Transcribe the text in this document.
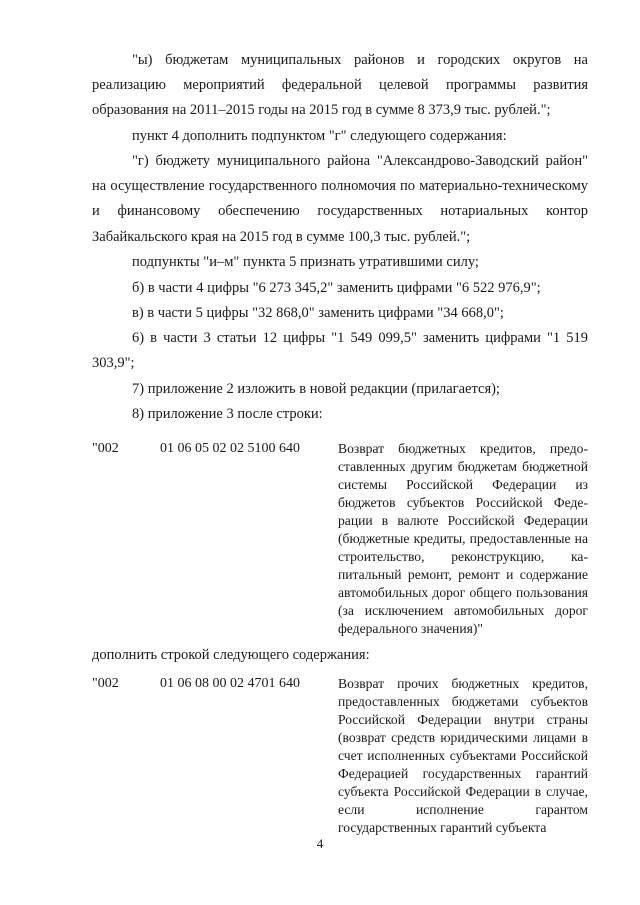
"ы) бюджетам муниципальных районов и городских округов на реализацию мероприятий федеральной целевой программы развития образования на 2011–2015 годы на 2015 год в сумме 8 373,9 тыс. рублей.";

пункт 4 дополнить подпунктом "г" следующего содержания:

"г) бюджету муниципального района "Александрово-Заводский район" на осуществление государственного полномочия по материально-техническому и финансовому обеспечению государственных нотариальных контор Забайкальского края на 2015 год в сумме 100,3 тыс. рублей.";

подпункты "и–м" пункта 5 признать утратившими силу;

б) в части 4 цифры "6 273 345,2" заменить цифрами "6 522 976,9";

в) в части 5 цифры "32 868,0" заменить цифрами "34 668,0";

6) в части 3 статьи 12 цифры "1 549 099,5" заменить цифрами "1 519 303,9";

7) приложение 2 изложить в новой редакции (прилагается);

8) приложение 3 после строки:

"002	01 06 05 02 02 5100 640	Возврат бюджетных кредитов, предоставленных другим бюджетам бюджетной системы Российской Федерации из бюджетов субъектов Российской Федерации в валюте Российской Федерации (бюджетные кредиты, предоставленные на строительство, реконструкцию, капитальный ремонт, ремонт и содержание автомобильных дорог общего пользования (за исключением автомобильных дорог федерального значения)"

дополнить строкой следующего содержания:

"002	01 06 08 00 02 4701 640	Возврат прочих бюджетных кредитов, предоставленных бюджетами субъектов Российской Федерации внутри страны (возврат средств юридическими лицами в счет исполненных субъектами Российской Федерацией государственных гарантий субъекта Российской Федерации в случае, если исполнение гарантом государственных гарантий субъекта
4
